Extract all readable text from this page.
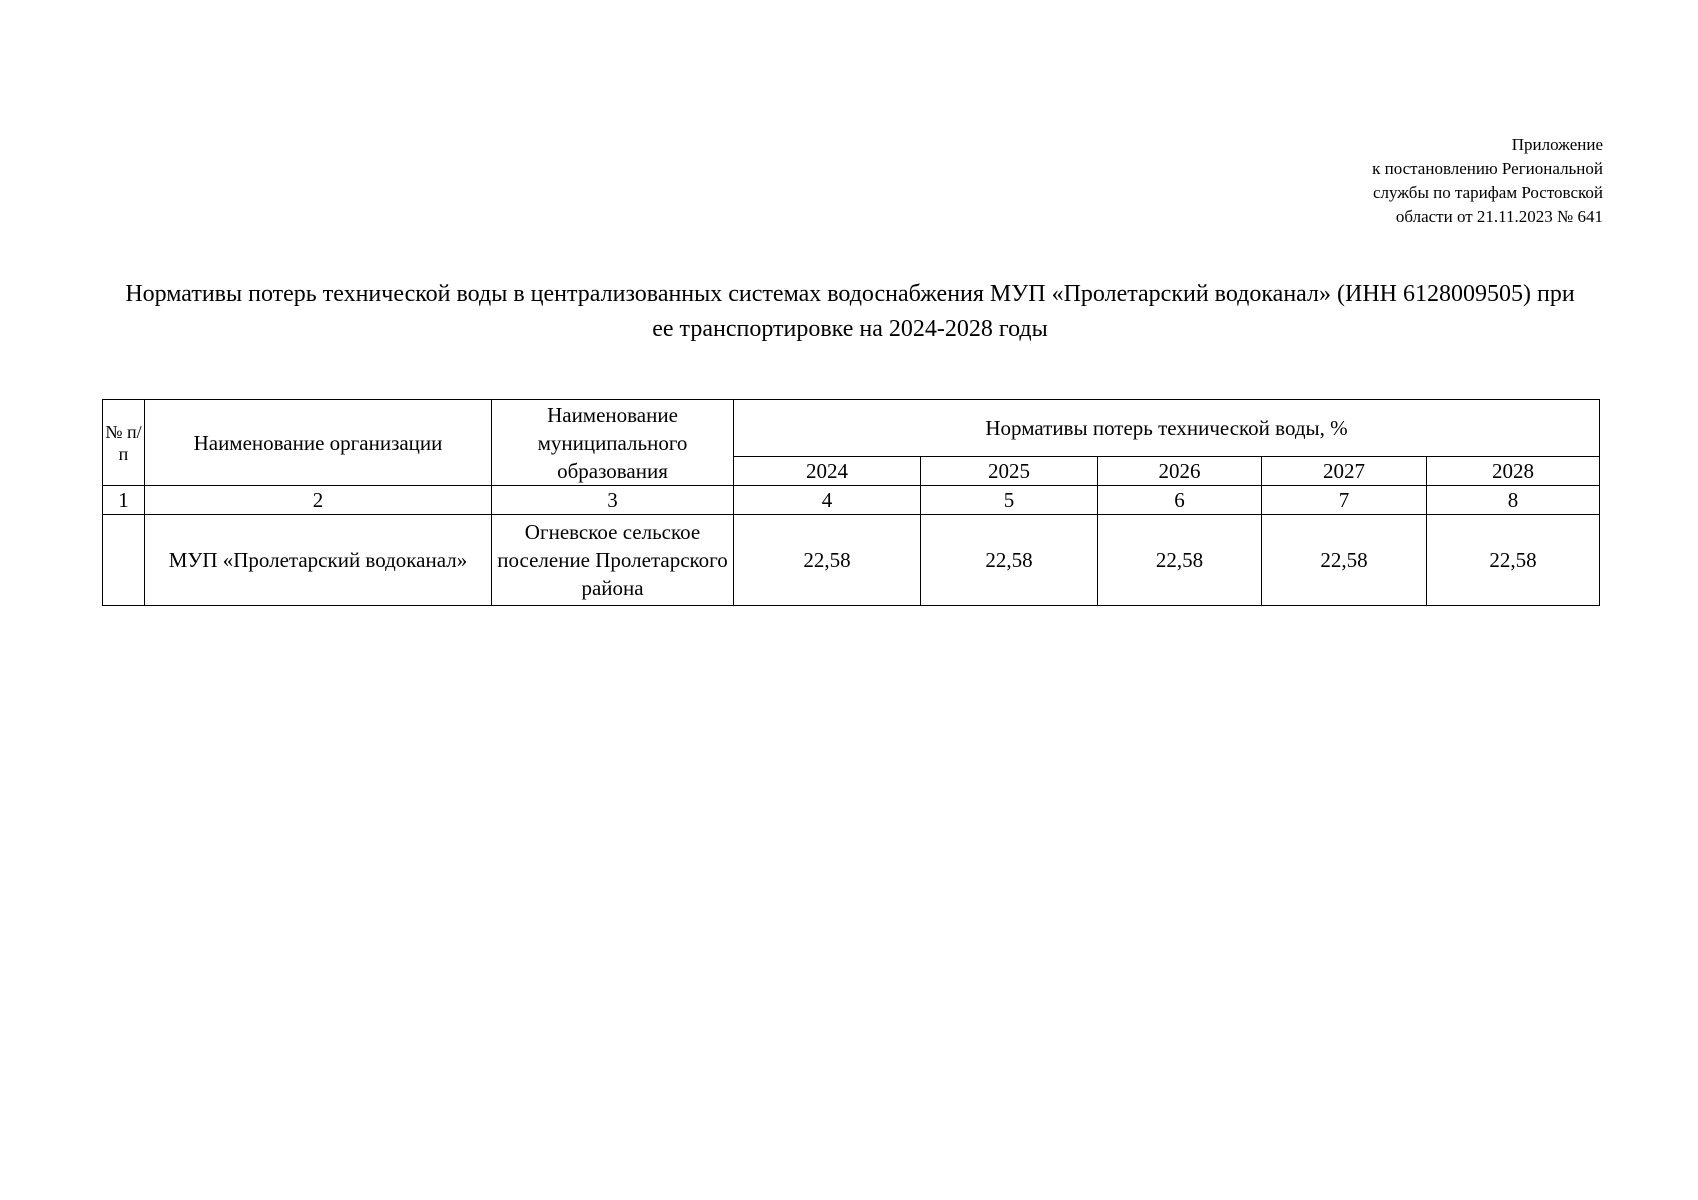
Приложение
к постановлению Региональной
службы по тарифам Ростовской
области от 21.11.2023 № 641
Нормативы потерь технической воды в централизованных системах водоснабжения МУП «Пролетарский водоканал» (ИНН 6128009505) при ее транспортировке на 2024-2028 годы
№ п/п	Наименование организации	Наименование муниципального образования	Нормативы потерь технической воды, %				
			2024	2025	2026	2027	2028
1	2	3	4	5	6	7	8
	МУП «Пролетарский водоканал»	Огневское сельское поселение Пролетарского района	22,58	22,58	22,58	22,58	22,58
